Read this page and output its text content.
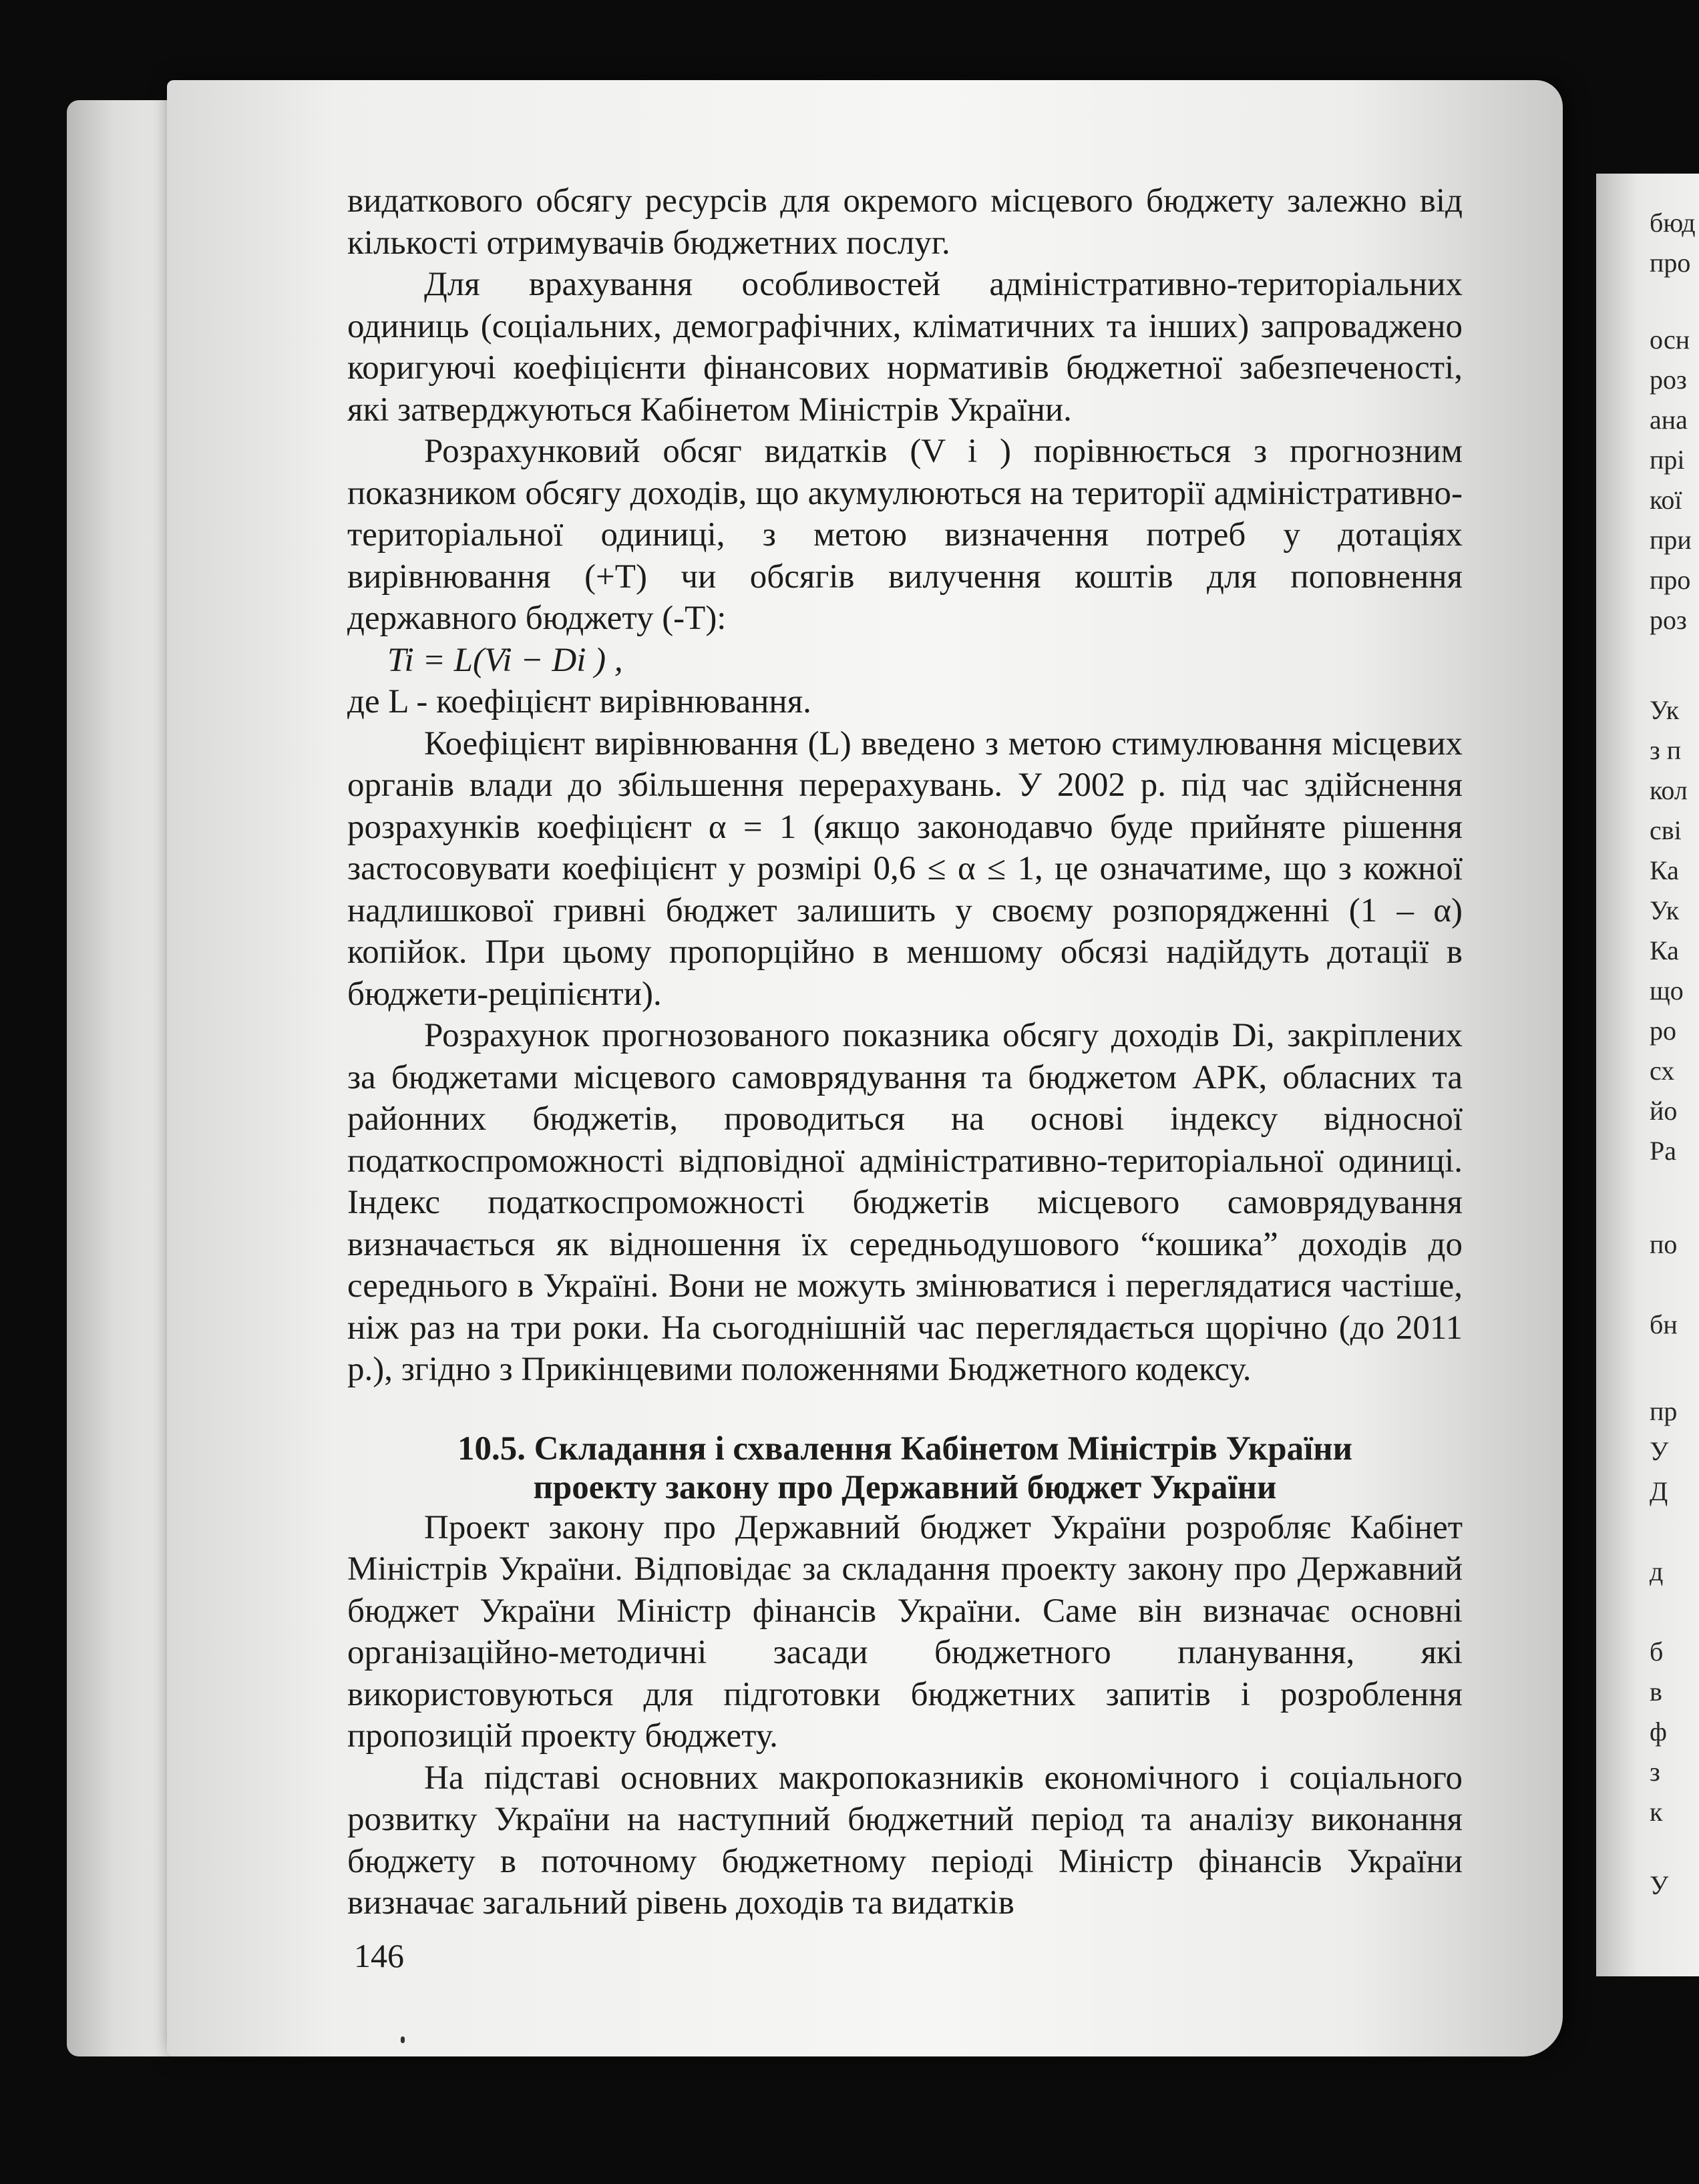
бюд
про
осн
роз
ана
прі
кої
при
про
роз
Ук
з п
кол
сві
Ка
Ук
Ка
що
ро
сх
йо
Ра
по
бн
пр
У
Д
д
б
в
ф
з
к
У

видаткового обсягу ресурсів для окремого місцевого бюджету залежно від кількості отримувачів бюджетних послуг.

Для врахування особливостей адміністративно-територіальних одиниць (соціальних, демографічних, кліматичних та інших) запроваджено коригуючі коефіцієнти фінансових нормативів бюджетної забезпеченості, які затверджуються Кабінетом Міністрів України.

Розрахунковий обсяг видатків (V i ) порівнюється з прогнозним показником обсягу доходів, що акумулюються на території адміністративно-територіальної одиниці, з метою визначення потреб у дотаціях вирівнювання (+T) чи обсягів вилучення коштів для поповнення державного бюджету (-T):

Ti = L(Vi − Di ) ,

де L - коефіцієнт вирівнювання.

Коефіцієнт вирівнювання (L) введено з метою стимулювання місцевих органів влади до збільшення перерахувань. У 2002 р. під час здійснення розрахунків коефіцієнт α = 1 (якщо законодавчо буде прийняте рішення застосовувати коефіцієнт у розмірі 0,6 ≤ α ≤ 1, це означатиме, що з кожної надлишкової гривні бюджет залишить у своєму розпорядженні (1 – α) копійок. При цьому пропорційно в меншому обсязі надійдуть дотації в бюджети-реціпієнти).

Розрахунок прогнозованого показника обсягу доходів Di, закріплених за бюджетами місцевого самоврядування та бюджетом АРК, обласних та районних бюджетів, проводиться на основі індексу відносної податкоспроможності відповідної адміністративно-територіальної одиниці. Індекс податкоспроможності бюджетів місцевого самоврядування визначається як відношення їх середньодушового “кошика” доходів до середнього в Україні. Вони не можуть змінюватися і переглядатися частіше, ніж раз на три роки. На сьогоднішній час переглядається щорічно (до 2011 р.), згідно з Прикінцевими положеннями Бюджетного кодексу.

10.5. Складання і схвалення Кабінетом Міністрів України
проекту закону про Державний бюджет України

Проект закону про Державний бюджет України розробляє Кабінет Міністрів України. Відповідає за складання проекту закону про Державний бюджет України Міністр фінансів України. Саме він визначає основні організаційно-методичні засади бюджетного планування, які використовуються для підготовки бюджетних запитів і розроблення пропозицій проекту бюджету.

На підставі основних макропоказників економічного і соціального розвитку України на наступний бюджетний період та аналізу виконання бюджету в поточному бюджетному періоді Міністр фінансів України визначає загальний рівень доходів та видатків

146
